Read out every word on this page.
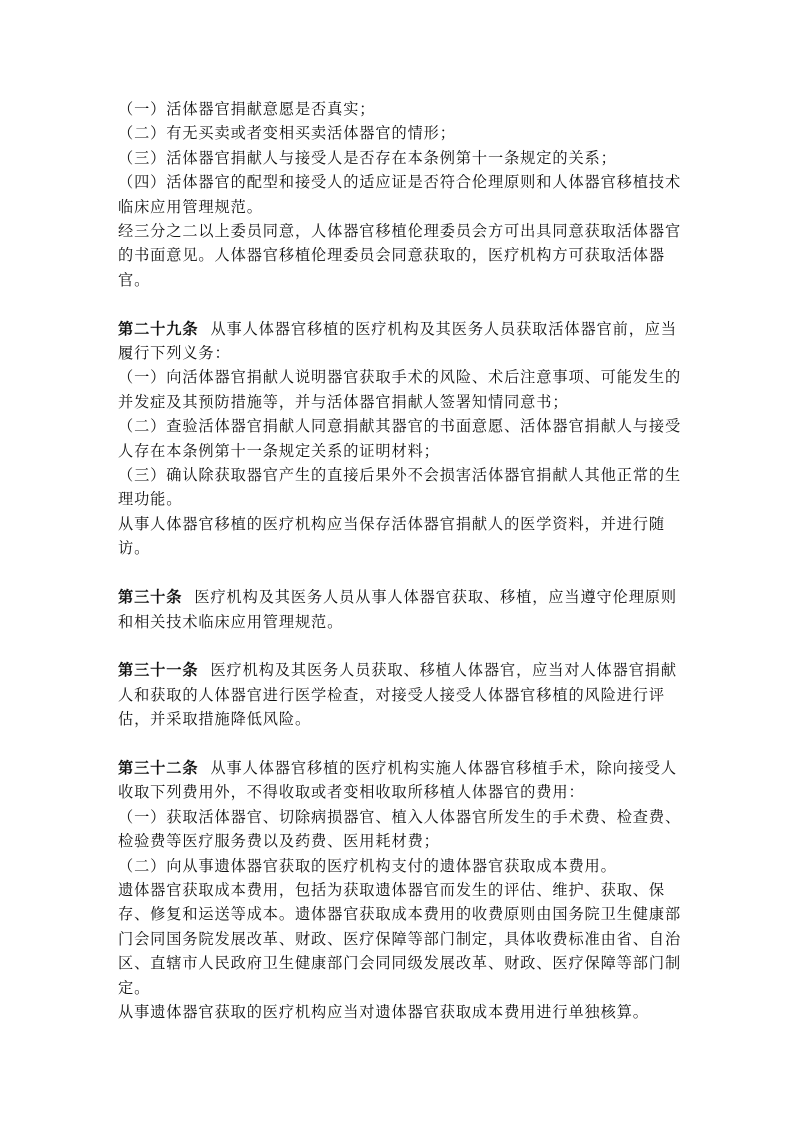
（一）活体器官捐献意愿是否真实；

（二）有无买卖或者变相买卖活体器官的情形；

（三）活体器官捐献人与接受人是否存在本条例第十一条规定的关系；

（四）活体器官的配型和接受人的适应证是否符合伦理原则和人体器官移植技术临床应用管理规范。

经三分之二以上委员同意，人体器官移植伦理委员会方可出具同意获取活体器官的书面意见。人体器官移植伦理委员会同意获取的，医疗机构方可获取活体器官。

第二十九条 从事人体器官移植的医疗机构及其医务人员获取活体器官前，应当履行下列义务：

（一）向活体器官捐献人说明器官获取手术的风险、术后注意事项、可能发生的并发症及其预防措施等，并与活体器官捐献人签署知情同意书；

（二）查验活体器官捐献人同意捐献其器官的书面意愿、活体器官捐献人与接受人存在本条例第十一条规定关系的证明材料；

（三）确认除获取器官产生的直接后果外不会损害活体器官捐献人其他正常的生理功能。

从事人体器官移植的医疗机构应当保存活体器官捐献人的医学资料，并进行随访。

第三十条 医疗机构及其医务人员从事人体器官获取、移植，应当遵守伦理原则和相关技术临床应用管理规范。

第三十一条 医疗机构及其医务人员获取、移植人体器官，应当对人体器官捐献人和获取的人体器官进行医学检查，对接受人接受人体器官移植的风险进行评估，并采取措施降低风险。

第三十二条 从事人体器官移植的医疗机构实施人体器官移植手术，除向接受人收取下列费用外，不得收取或者变相收取所移植人体器官的费用：

（一）获取活体器官、切除病损器官、植入人体器官所发生的手术费、检查费、检验费等医疗服务费以及药费、医用耗材费；

（二）向从事遗体器官获取的医疗机构支付的遗体器官获取成本费用。

遗体器官获取成本费用，包括为获取遗体器官而发生的评估、维护、获取、保存、修复和运送等成本。遗体器官获取成本费用的收费原则由国务院卫生健康部门会同国务院发展改革、财政、医疗保障等部门制定，具体收费标准由省、自治区、直辖市人民政府卫生健康部门会同同级发展改革、财政、医疗保障等部门制定。

从事遗体器官获取的医疗机构应当对遗体器官获取成本费用进行单独核算。
